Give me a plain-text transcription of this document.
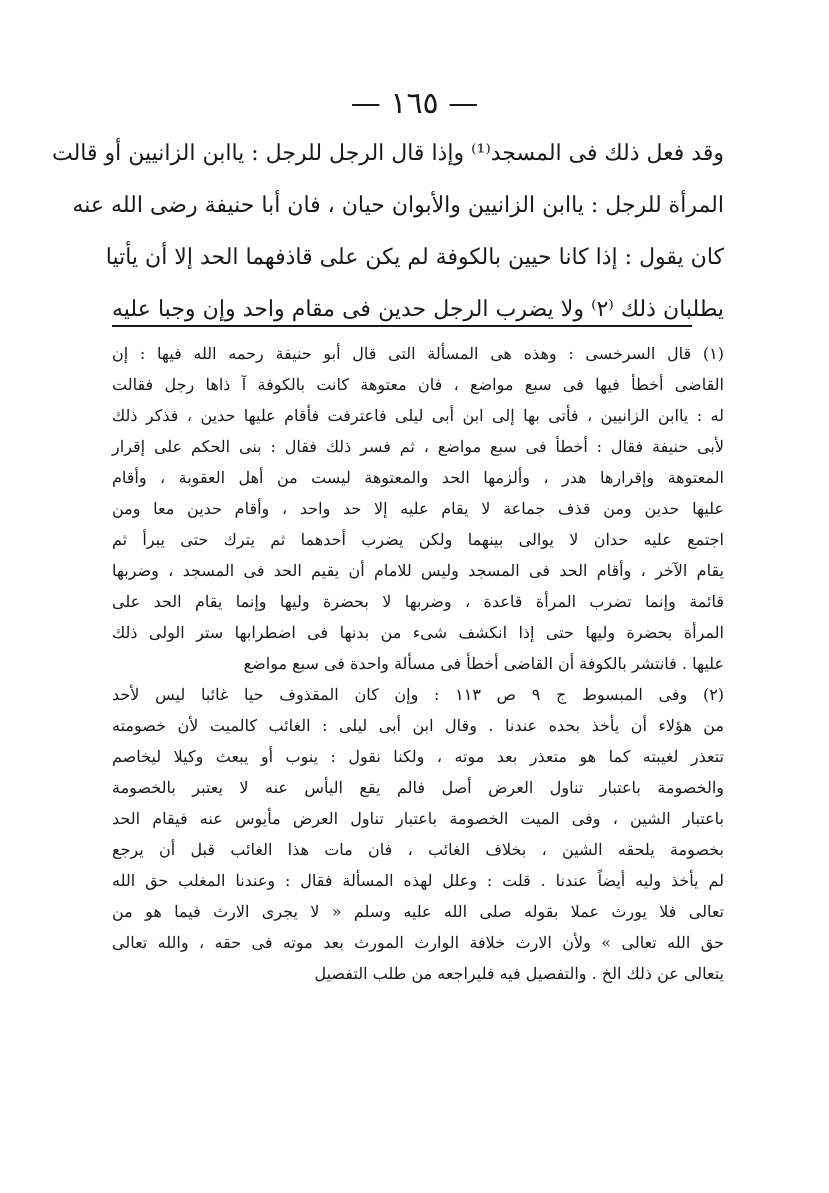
— ١٦٥ —
وقد فعل ذلك فى المسجد⁽¹⁾ وإذا قال الرجل للرجل : ياابن الزانيين أو قالت
المرأة للرجل : ياابن الزانيين والأبوان حيان ، فان أبا حنيفة رضى الله عنه
كان يقول : إذا كانا حيين بالكوفة لم يكن على قاذفهما الحد إلا أن يأتيا
يطلبان ذلك ⁽٢⁾ ولا يضرب الرجل حدين فى مقام واحد وإن وجبا عليه
(١) قال السرخسى : وهذه هى المسألة التى قال أبو حنيفة رحمه الله فيها : إن
القاضى أخطأ فيها فى سبع مواضع ، فان معتوهة كانت بالكوفة آ ذاها رجل فقالت
له : ياابن الزانيين ، فأتى بها إلى ابن أبى ليلى فاعترفت فأقام عليها حدين ، فذكر ذلك
لأبى حنيفة فقال : أخطأ فى سبع مواضع ، ثم فسر ذلك فقال : بنى الحكم على إقرار
المعتوهة وإقرارها هدر ، وألزمها الحد والمعتوهة ليست من أهل العقوبة ، وأقام
عليها حدين ومن قذف جماعة لا يقام عليه إلا حد واحد ، وأقام حدين معا ومن
اجتمع عليه حدان لا يوالى بينهما ولكن يضرب أحدهما ثم يترك حتى يبرأ ثم
يقام الآخر ، وأقام الحد فى المسجد وليس للامام أن يقيم الحد فى المسجد ، وضربها
قائمة وإنما تضرب المرأة قاعدة ، وضربها لا بحضرة وليها وإنما يقام الحد على
المرأة بحضرة وليها حتى إذا انكشف شىء من بدنها فى اضطرابها ستر الولى ذلك
عليها . فانتشر بالكوفة أن القاضى أخطأ فى مسألة واحدة فى سبع مواضع
(٢) وفى المبسوط ج ٩ ص ١١٣ : وإن كان المقذوف حيا غائبا ليس لأحد
من هؤلاء أن يأخذ بحده عندنا . وقال ابن أبى ليلى : الغائب كالميت لأن خصومته
تتعذر لغيبته كما هو متعذر بعد موته ، ولكنا نقول : ينوب أو يبعث وكيلا ليخاصم
والخصومة باعتبار تناول العرض أصل فالم يقع اليأس عنه لا يعتبر بالخصومة
باعتبار الشين ، وفى الميت الخصومة باعتبار تناول العرض مأيوس عنه فيقام الحد
بخصومة يلحقه الشين ، بخلاف الغائب ، فان مات هذا الغائب قبل أن يرجع
لم يأخذ وليه أيضاً عندنا . قلت : وعلل لهذه المسألة فقال : وعندنا المغلب حق الله
تعالى فلا يورث عملا بقوله صلى الله عليه وسلم « لا يجرى الارث فيما هو من
حق الله تعالى » ولأن الارث خلافة الوارث المورث بعد موته فى حقه ، والله تعالى
يتعالى عن ذلك الخ . والتفصيل فيه فليراجعه من طلب التفصيل
